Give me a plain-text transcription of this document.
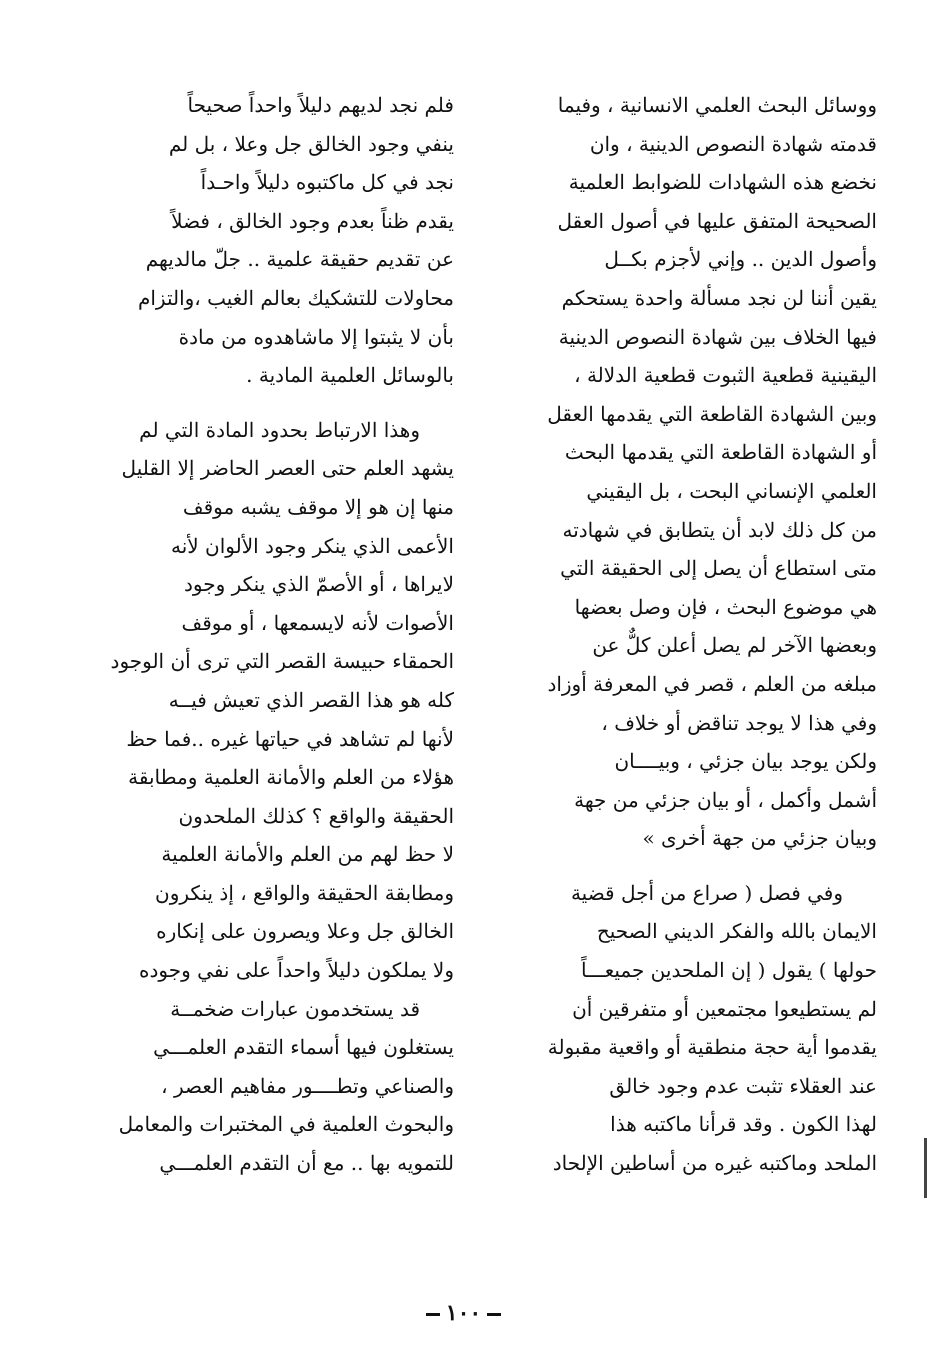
ووسائل البحث العلمي الانسانية ، وفيما
قدمته شهادة النصوص الدينية ، وان
نخضع هذه الشهادات للضوابط العلمية
الصحيحة المتفق عليها في أصول العقل
وأصول الدين .. وإني لأجزم بكــل
يقين أننا لن نجد مسألة واحدة يستحكم
فيها الخلاف بين شهادة النصوص الدينية
اليقينية قطعية الثبوت قطعية الدلالة ،
وبين الشهادة القاطعة التي يقدمها العقل
أو الشهادة القاطعة التي يقدمها البحث
العلمي الإنساني البحت ، بل اليقيني
من كل ذلك لابد أن يتطابق في شهادته
متى استطاع أن يصل إلى الحقيقة التي
هي موضوع البحث ، فإن وصل بعضها
وبعضها الآخر لم يصل أعلن كلٌّ عن
مبلغه من العلم ، قصر في المعرفة أوزاد
وفي هذا لا يوجد تناقض أو خلاف ،
ولكن يوجد بيان جزئي ، وبيــــان
أشمل وأكمل ، أو بيان جزئي من جهة
وبيان جزئي من جهة أخرى »
وفي فصل ( صراع من أجل قضية
الايمان بالله والفكر الديني الصحيح
حولها ) يقول ( إن الملحدين جميعـــاً
لم يستطيعوا مجتمعين أو متفرقين أن
يقدموا أية حجة منطقية أو واقعية مقبولة
عند العقلاء تثبت عدم وجود خالق
لهذا الكون . وقد قرأنا ماكتبه هذا
الملحد وماكتبه غيره من أساطين الإلحاد
فلم نجد لديهم دليلاً واحداً صحيحاً
ينفي وجود الخالق جل وعلا ، بل لم
نجد في كل ماكتبوه دليلاً واحـداً
يقدم ظناً بعدم وجود الخالق ، فضلاً
عن تقديم حقيقة علمية .. جلّ مالديهم
محاولات للتشكيك بعالم الغيب ،والتزام
بأن لا يثبتوا إلا ماشاهدوه من مادة
بالوسائل العلمية المادية .
وهذا الارتباط بحدود المادة التي لم
يشهد العلم حتى العصر الحاضر إلا القليل
منها إن هو إلا موقف يشبه موقف
الأعمى الذي ينكر وجود الألوان لأنه
لايراها ، أو الأصمّ الذي ينكر وجود
الأصوات لأنه لايسمعها ، أو موقف
الحمقاء حبيسة القصر التي ترى أن الوجود
كله هو هذا القصر الذي تعيش فيــه
لأنها لم تشاهد في حياتها غيره ..فما حظ
هؤلاء من العلم والأمانة العلمية ومطابقة
الحقيقة والواقع ؟ كذلك الملحدون
لا حظ لهم من العلم والأمانة العلمية
ومطابقة الحقيقة والواقع ، إذ ينكرون
الخالق جل وعلا ويصرون على إنكاره
ولا يملكون دليلاً واحداً على نفي وجوده
قد يستخدمون عبارات ضخمــة
يستغلون فيها أسماء التقدم العلمـــي
والصناعي وتطــــور مفاهيم العصر ،
والبحوث العلمية في المختبرات والمعامل
للتمويه بها .. مع أن التقدم العلمـــي
١٠٠
